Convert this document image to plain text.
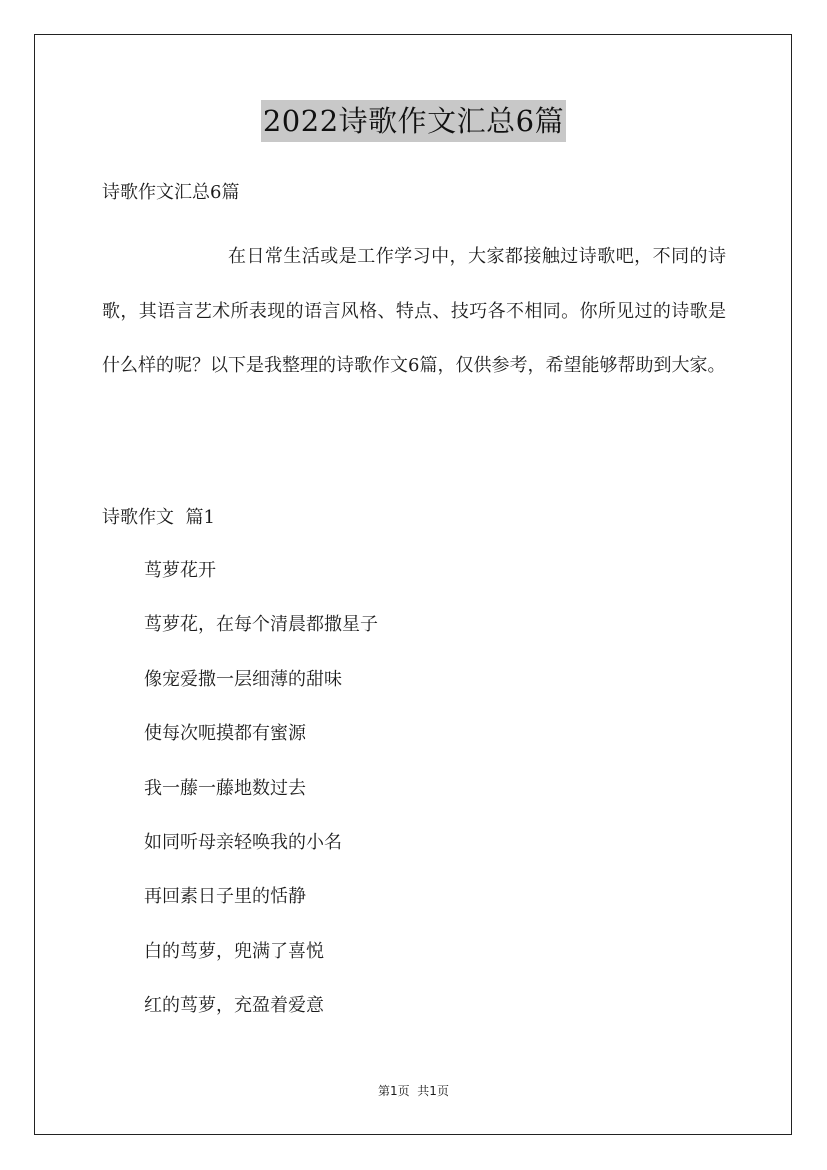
2022诗歌作文汇总6篇
诗歌作文汇总6篇

在日常生活或是工作学习中，大家都接触过诗歌吧，不同的诗歌，其语言艺术所表现的语言风格、特点、技巧各不相同。你所见过的诗歌是什么样的呢？以下是我整理的诗歌作文6篇，仅供参考，希望能够帮助到大家。

诗歌作文  篇1
茑萝花开
茑萝花，在每个清晨都撒星子
像宠爱撒一层细薄的甜味
使每次呃摸都有蜜源
我一藤一藤地数过去
如同听母亲轻唤我的小名
再回素日子里的恬静
白的茑萝，兜满了喜悦
红的茑萝，充盈着爱意
第1页  共1页
